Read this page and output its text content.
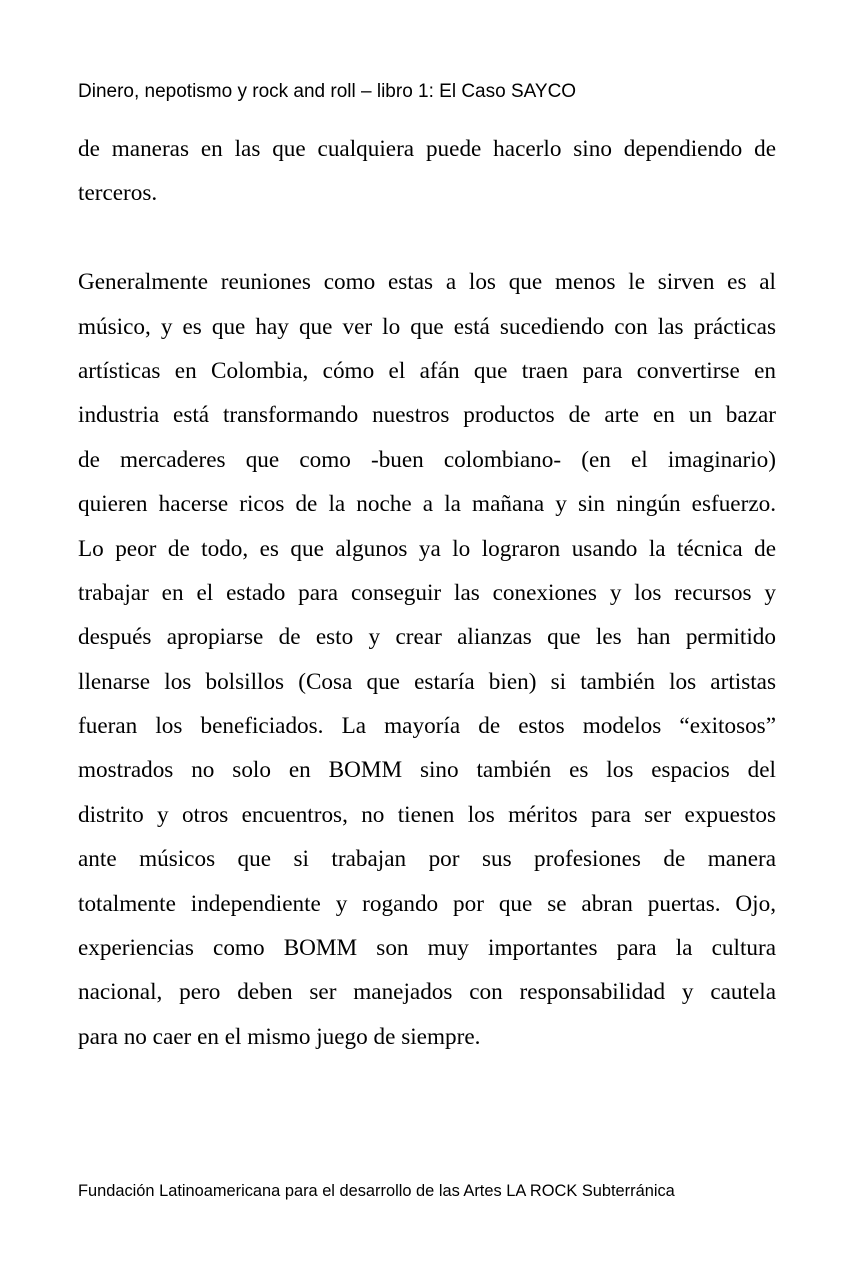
Dinero, nepotismo y rock and roll – libro 1: El Caso SAYCO
de maneras en las que cualquiera puede hacerlo sino dependiendo de
terceros.
Generalmente reuniones como estas a los que menos le sirven es al
músico, y es que hay que ver lo que está sucediendo con las prácticas
artísticas en Colombia, cómo el afán que traen para convertirse en
industria está transformando nuestros productos de arte en un bazar
de mercaderes que como -buen colombiano- (en el imaginario)
quieren hacerse ricos de la noche a la mañana y sin ningún esfuerzo.
Lo peor de todo, es que algunos ya lo lograron usando la técnica de
trabajar en el estado para conseguir las conexiones y los recursos y
después apropiarse de esto y crear alianzas que les han permitido
llenarse los bolsillos (Cosa que estaría bien) si también los artistas
fueran los beneficiados. La mayoría de estos modelos “exitosos”
mostrados no solo en BOMM sino también es los espacios del
distrito y otros encuentros, no tienen los méritos para ser expuestos
ante músicos que si trabajan por sus profesiones de manera
totalmente independiente y rogando por que se abran puertas. Ojo,
experiencias como BOMM son muy importantes para la cultura
nacional, pero deben ser manejados con responsabilidad y cautela
para no caer en el mismo juego de siempre.
Fundación Latinoamericana para el desarrollo de las Artes LA ROCK Subterránica
